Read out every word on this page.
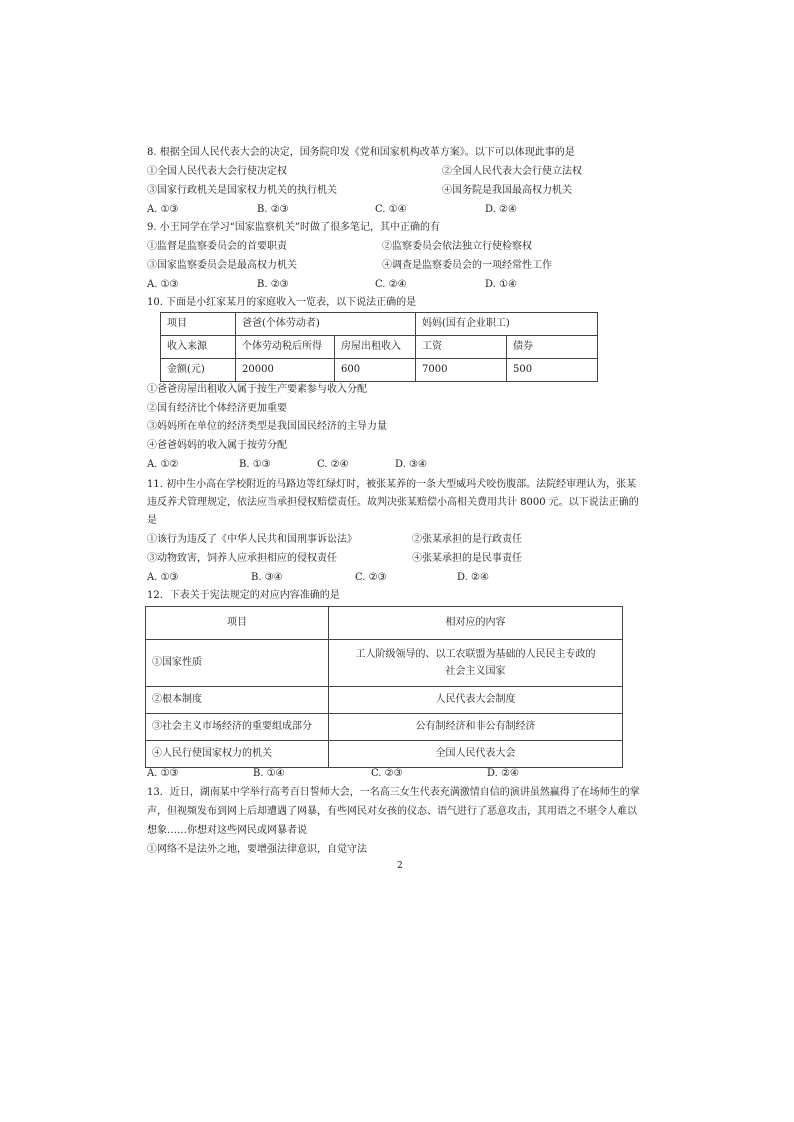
8. 根据全国人民代表大会的决定，国务院印发《党和国家机构改革方案》。以下可以体现此事的是
①全国人民代表大会行使决定权	②全国人民代表大会行使立法权
③国家行政机关是国家权力机关的执行机关	④国务院是我国最高权力机关
A. ①③	B. ②③	C. ①④	D. ②④
9. 小王同学在学习“国家监察机关”时做了很多笔记，其中正确的有
①监督是监察委员会的首要职责	②监察委员会依法独立行使检察权
③国家监察委员会是最高权力机关	④调查是监察委员会的一项经常性工作
A. ①③	B. ②③	C. ②④	D. ①④
10. 下面是小红家某月的家庭收入一览表，以下说法正确的是
项目	爸爸(个体劳动者)		妈妈(国有企业职工)	
收入来源	个体劳动税后所得	房屋出租收入	工资	债券
金额(元)	20000	600	7000	500
①爸爸房屋出租收入属于按生产要素参与收入分配
②国有经济比个体经济更加重要
③妈妈所在单位的经济类型是我国国民经济的主导力量
④爸爸妈妈的收入属于按劳分配
A. ①②	B. ①③	C. ②④	D. ③④
11. 初中生小高在学校附近的马路边等红绿灯时，被张某养的一条大型威玛犬咬伤腹部。法院经审理认为，张某
违反养犬管理规定，依法应当承担侵权赔偿责任。故判决张某赔偿小高相关费用共计 8000 元。以下说法正确的
是
①该行为违反了《中华人民共和国刑事诉讼法》	②张某承担的是行政责任
③动物致害，饲养人应承担相应的侵权责任	④张某承担的是民事责任
A. ①③	B. ③④	C. ②③	D. ②④
12．下表关于宪法规定的对应内容准确的是
项目	相对应的内容
①国家性质	工人阶级领导的、以工农联盟为基础的人民民主专政的
社会主义国家

②根本制度	人民代表大会制度
③社会主义市场经济的重要组成部分	公有制经济和非公有制经济
④人民行使国家权力的机关	全国人民代表大会
A. ①③	B. ①④	C. ②③	D. ②④
13．近日，湖南某中学举行高考百日誓师大会，一名高三女生代表充满激情自信的演讲虽然赢得了在场师生的掌
声，但视频发布到网上后却遭遇了网暴，有些网民对女孩的仪态、语气进行了恶意攻击，其用语之不堪令人难以
想象……你想对这些网民或网暴者说
①网络不是法外之地，要增强法律意识，自觉守法
2
